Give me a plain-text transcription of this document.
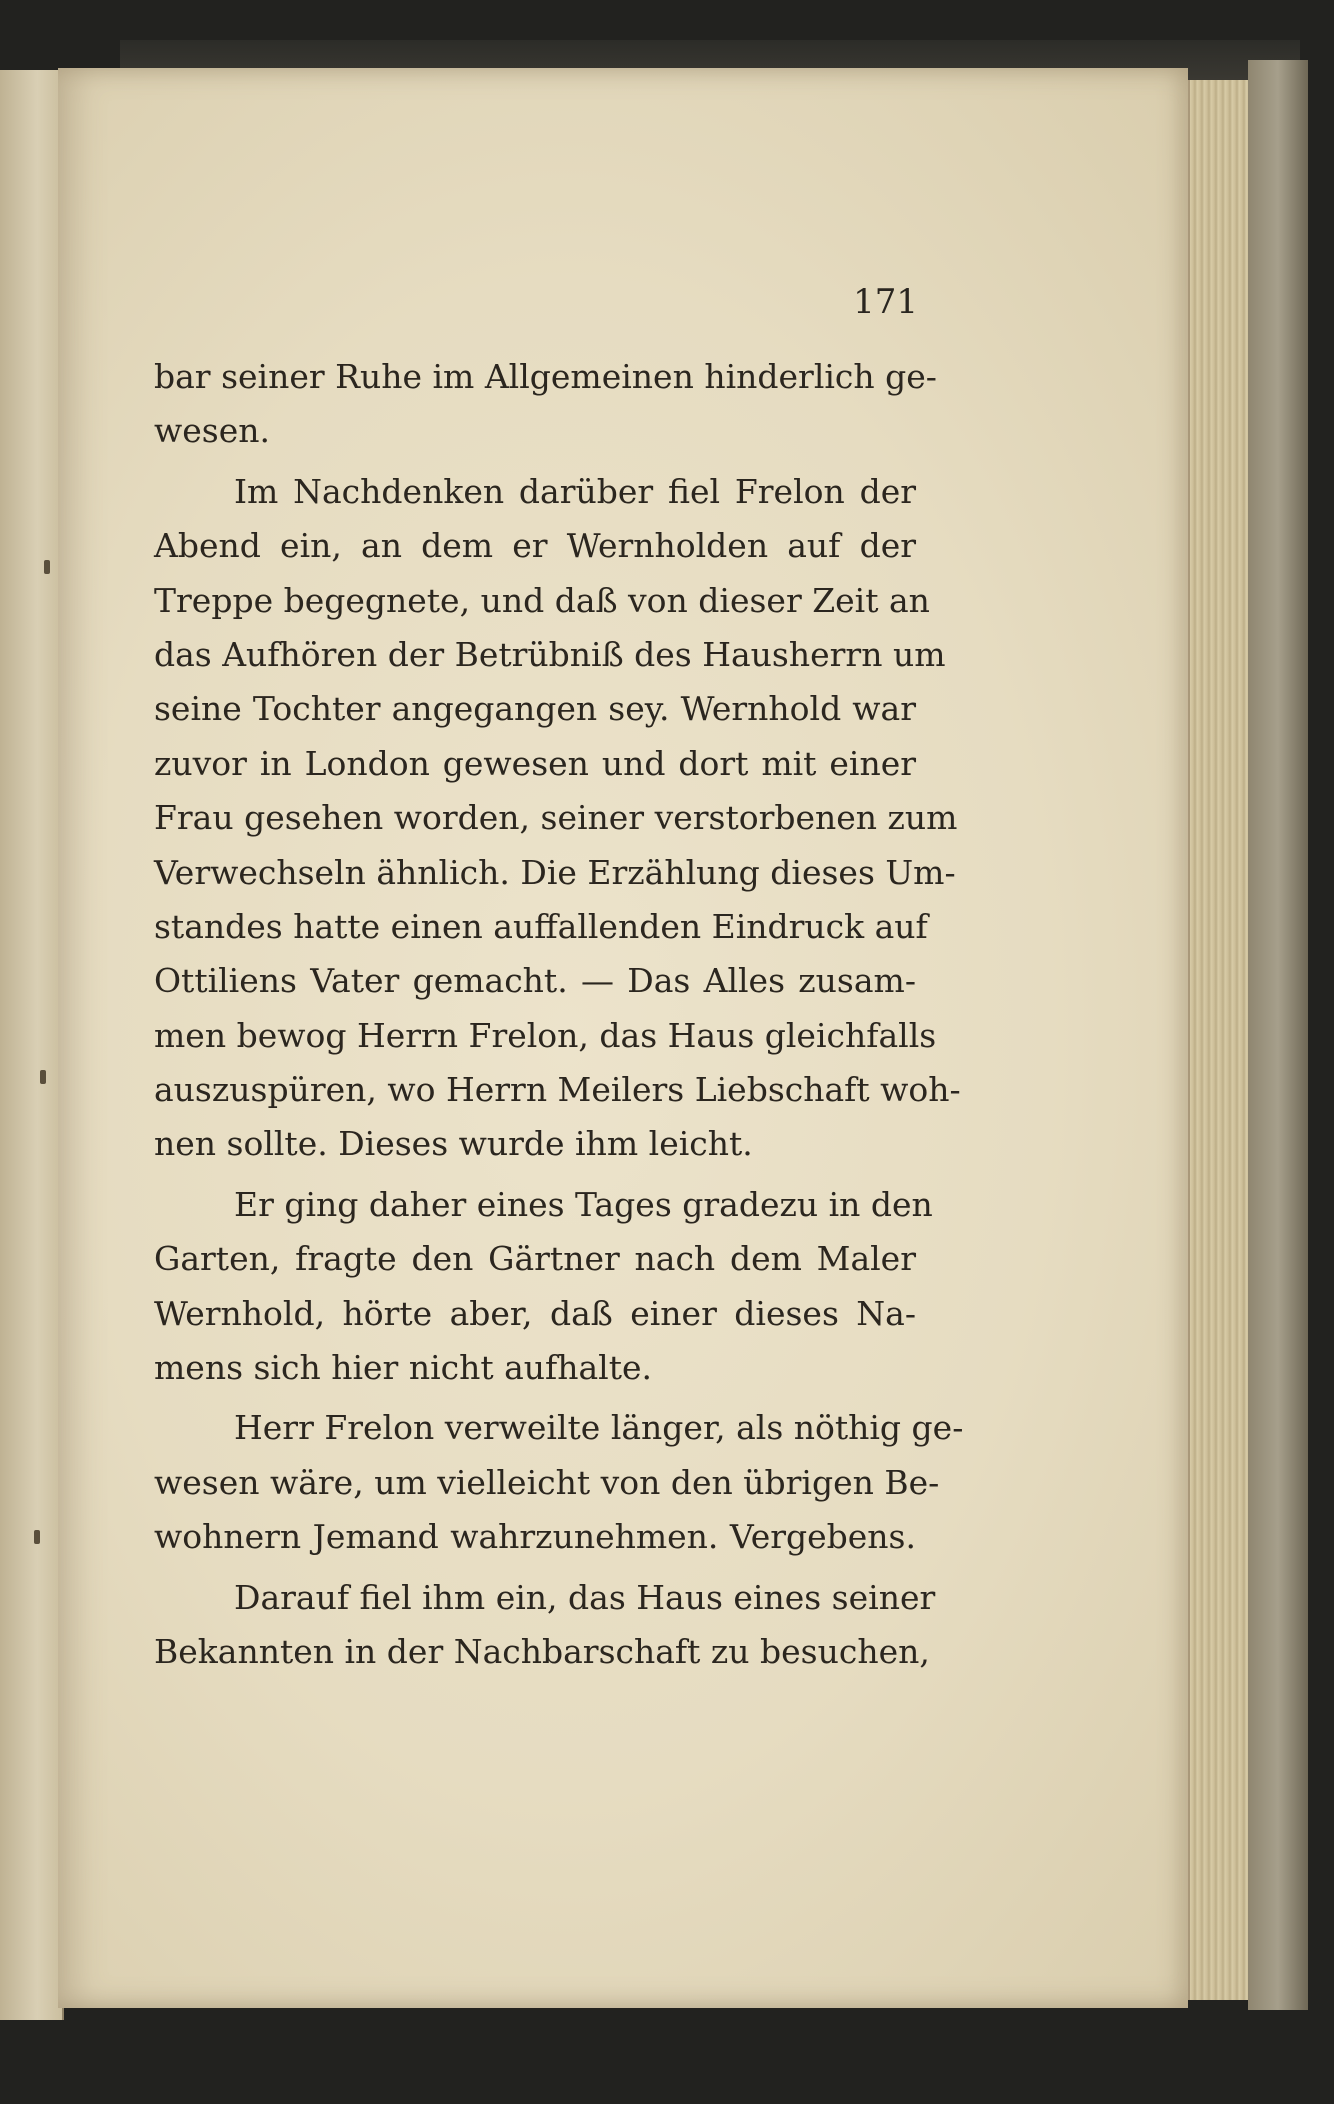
171
bar seiner Ruhe im Allgemeinen hinderlich ge-
wesen.
Im Nachdenken darüber fiel Frelon der
Abend ein, an dem er Wernholden auf der
Treppe begegnete, und daß von dieser Zeit an
das Aufhören der Betrübniß des Hausherrn um
seine Tochter angegangen sey. Wernhold war
zuvor in London gewesen und dort mit einer
Frau gesehen worden, seiner verstorbenen zum
Verwechseln ähnlich. Die Erzählung dieses Um-
standes hatte einen auffallenden Eindruck auf
Ottiliens Vater gemacht. — Das Alles zusam-
men bewog Herrn Frelon, das Haus gleichfalls
auszuspüren, wo Herrn Meilers Liebschaft woh-
nen sollte. Dieses wurde ihm leicht.
Er ging daher eines Tages gradezu in den
Garten, fragte den Gärtner nach dem Maler
Wernhold, hörte aber, daß einer dieses Na-
mens sich hier nicht aufhalte.
Herr Frelon verweilte länger, als nöthig ge-
wesen wäre, um vielleicht von den übrigen Be-
wohnern Jemand wahrzunehmen. Vergebens.
Darauf fiel ihm ein, das Haus eines seiner
Bekannten in der Nachbarschaft zu besuchen,
